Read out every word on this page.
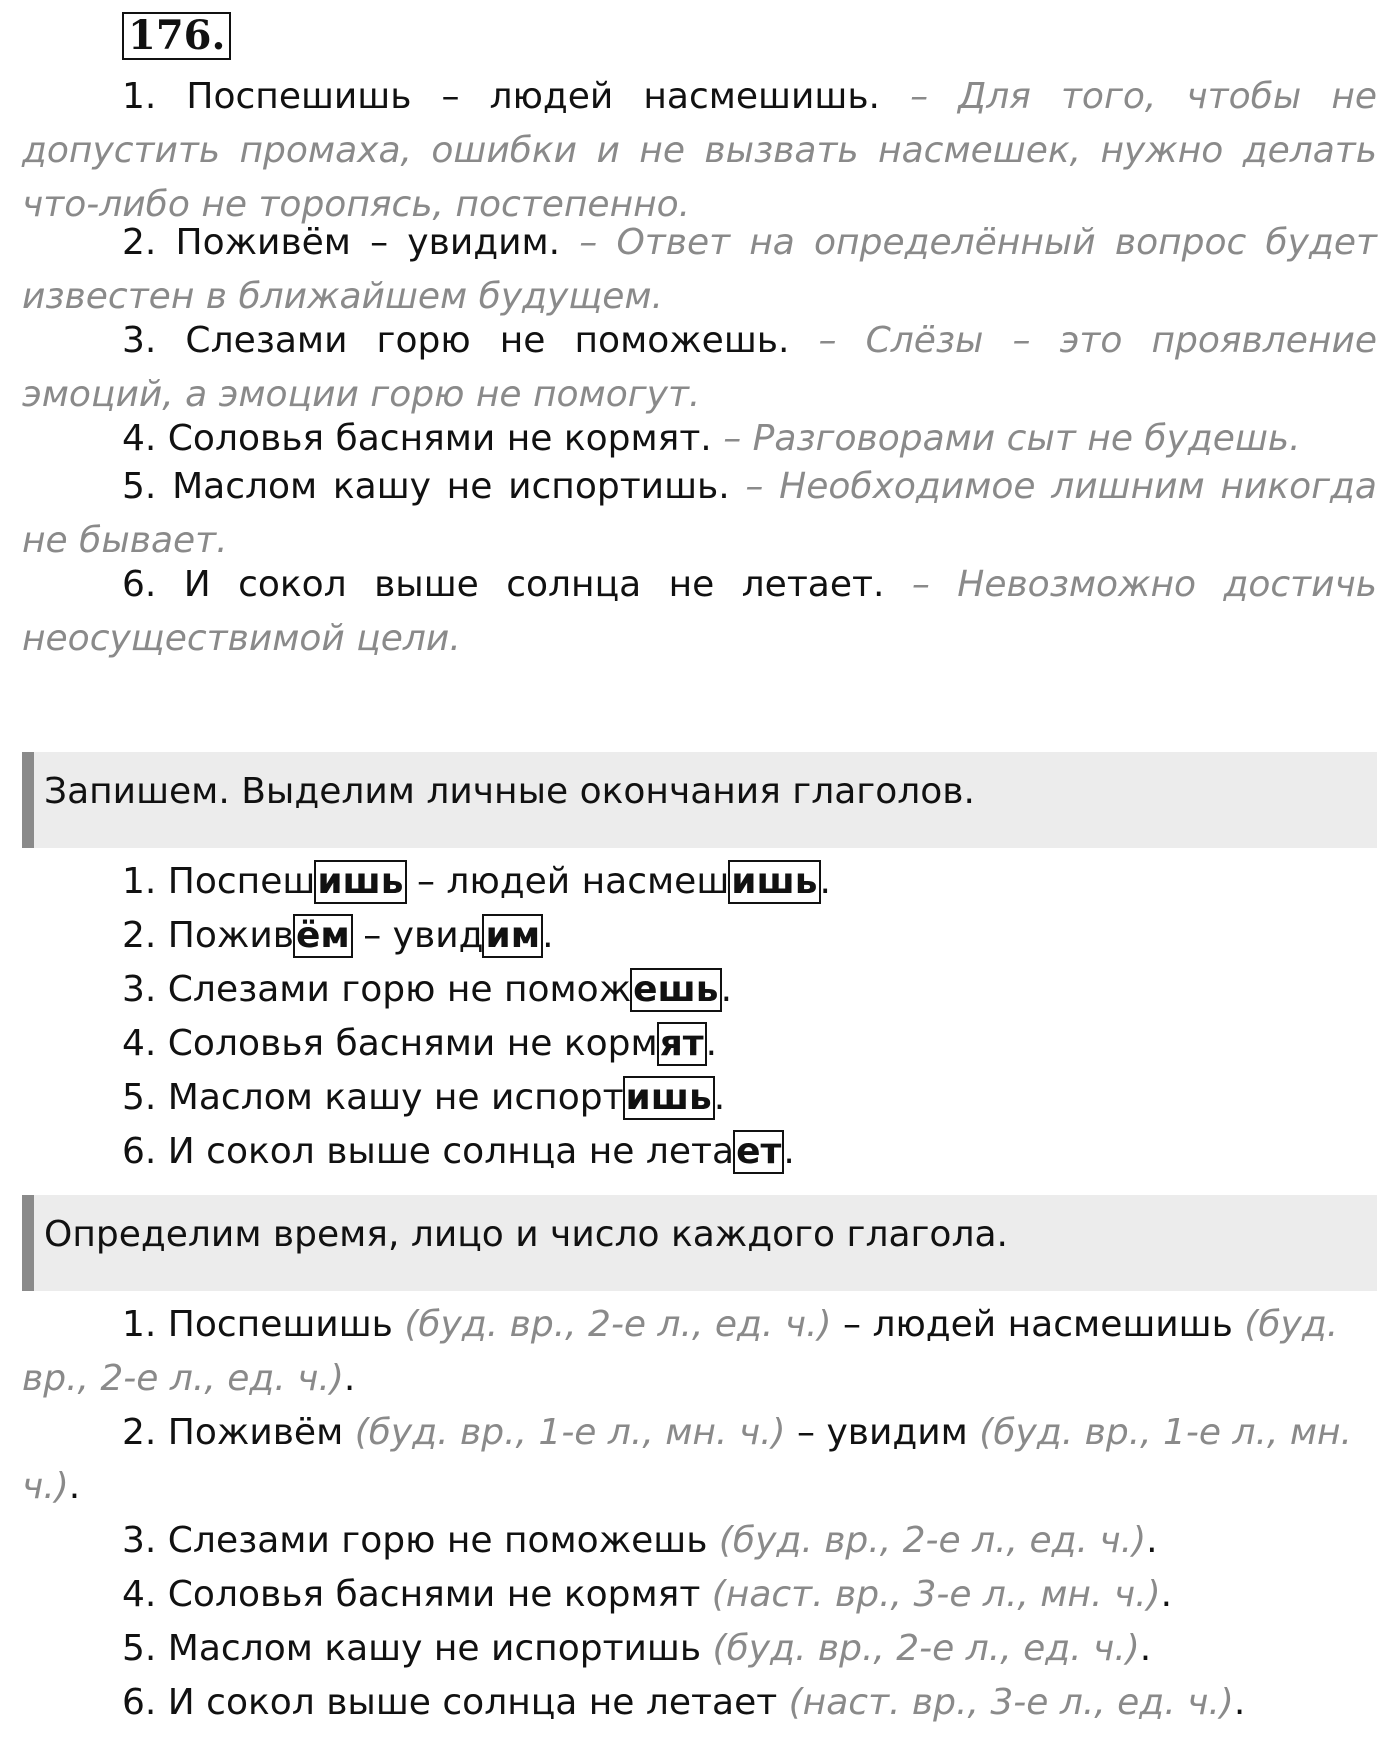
176.

1. Поспешишь – людей насмешишь. – Для того, чтобы не допустить промаха, ошибки и не вызвать насмешек, нужно делать что-либо не торопясь, постепенно.

2. Поживём – увидим. – Ответ на определённый вопрос будет известен в ближайшем будущем.

3. Слезами горю не поможешь. – Слёзы – это проявление эмоций, а эмоции горю не помогут.

4. Соловья баснями не кормят. – Разговорами сыт не будешь.

5. Маслом кашу не испортишь. – Необходимое лишним никогда не бывает.

6. И сокол выше солнца не летает. – Невозможно достичь неосуществимой цели.

Запишем. Выделим личные окончания глаголов.
1. Поспешишь – людей насмешишь.
2. Поживём – увидим.
3. Слезами горю не поможешь.
4. Соловья баснями не кормят.
5. Маслом кашу не испортишь.
6. И сокол выше солнца не летает.
Определим время, лицо и число каждого глагола.

1. Поспешишь (буд. вр., 2-е л., ед. ч.) – людей насмешишь (буд. вр., 2-е л., ед. ч.).

2. Поживём (буд. вр., 1-е л., мн. ч.) – увидим (буд. вр., 1-е л., мн. ч.).

3. Слезами горю не поможешь (буд. вр., 2-е л., ед. ч.).

4. Соловья баснями не кормят (наст. вр., 3-е л., мн. ч.).

5. Маслом кашу не испортишь (буд. вр., 2-е л., ед. ч.).

6. И сокол выше солнца не летает (наст. вр., 3-е л., ед. ч.).
